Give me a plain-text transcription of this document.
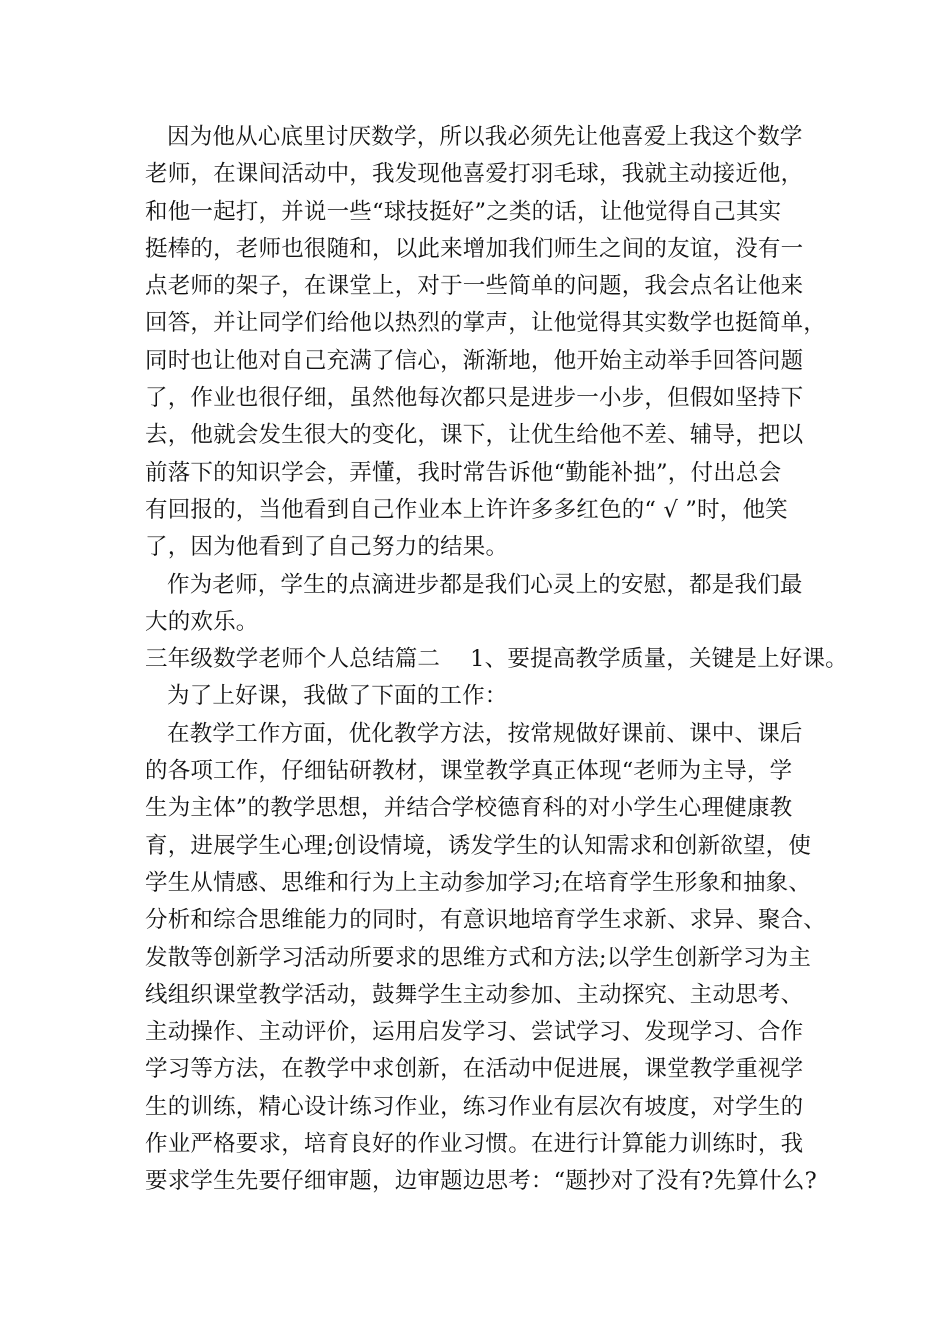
因为他从心底里讨厌数学，所以我必须先让他喜爱上我这个数学
老师，在课间活动中，我发现他喜爱打羽毛球，我就主动接近他，
和他一起打，并说一些“球技挺好”之类的话，让他觉得自己其实
挺棒的，老师也很随和，以此来增加我们师生之间的友谊，没有一
点老师的架子，在课堂上，对于一些简单的问题，我会点名让他来
回答，并让同学们给他以热烈的掌声，让他觉得其实数学也挺简单，
同时也让他对自己充满了信心，渐渐地，他开始主动举手回答问题
了，作业也很仔细，虽然他每次都只是进步一小步，但假如坚持下
去，他就会发生很大的变化，课下，让优生给他不差、辅导，把以
前落下的知识学会，弄懂，我时常告诉他“勤能补拙”，付出总会
有回报的，当他看到自己作业本上许许多多红色的“ √ ”时，他笑
了，因为他看到了自己努力的结果。
作为老师，学生的点滴进步都是我们心灵上的安慰，都是我们最
大的欢乐。
三年级数学老师个人总结篇二　 1、要提高教学质量，关键是上好课。
为了上好课，我做了下面的工作：
在教学工作方面，优化教学方法，按常规做好课前、课中、课后
的各项工作，仔细钻研教材，课堂教学真正体现“老师为主导，学
生为主体”的教学思想，并结合学校德育科的对小学生心理健康教
育，进展学生心理;创设情境，诱发学生的认知需求和创新欲望，使
学生从情感、思维和行为上主动参加学习;在培育学生形象和抽象、
分析和综合思维能力的同时，有意识地培育学生求新、求异、聚合、
发散等创新学习活动所要求的思维方式和方法;以学生创新学习为主
线组织课堂教学活动，鼓舞学生主动参加、主动探究、主动思考、
主动操作、主动评价，运用启发学习、尝试学习、发现学习、合作
学习等方法，在教学中求创新，在活动中促进展，课堂教学重视学
生的训练，精心设计练习作业，练习作业有层次有坡度，对学生的
作业严格要求，培育良好的作业习惯。在进行计算能力训练时，我
要求学生先要仔细审题，边审题边思考：“题抄对了没有?先算什么?
